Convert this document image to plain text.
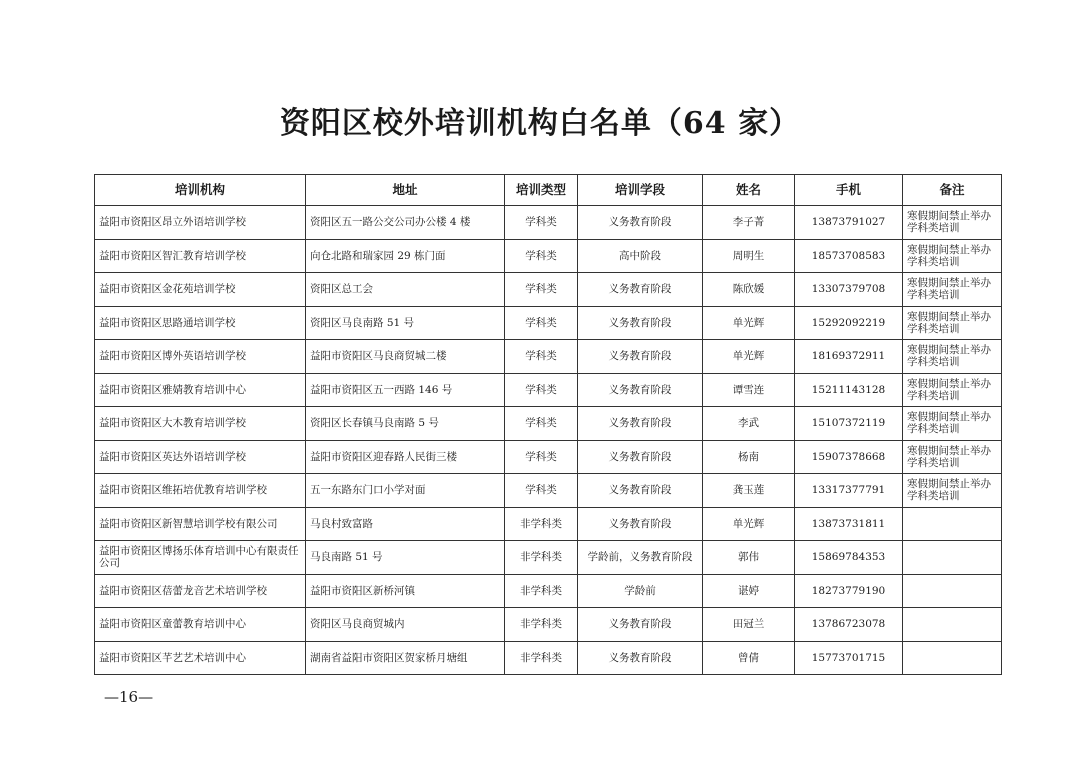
资阳区校外培训机构白名单（64 家）
培训机构	地址	培训类型	培训学段	姓名	手机	备注
益阳市资阳区昂立外语培训学校	资阳区五一路公交公司办公楼 4 楼	学科类	义务教育阶段	李子菁	13873791027	寒假期间禁止举办学科类培训
益阳市资阳区智汇教育培训学校	向仓北路和瑞家园 29 栋门面	学科类	高中阶段	周明生	18573708583	寒假期间禁止举办学科类培训
益阳市资阳区金花苑培训学校	资阳区总工会	学科类	义务教育阶段	陈欣媛	13307379708	寒假期间禁止举办学科类培训
益阳市资阳区思路通培训学校	资阳区马良南路 51 号	学科类	义务教育阶段	单光辉	15292092219	寒假期间禁止举办学科类培训
益阳市资阳区博外英语培训学校	益阳市资阳区马良商贸城二楼	学科类	义务教育阶段	单光辉	18169372911	寒假期间禁止举办学科类培训
益阳市资阳区雅婧教育培训中心	益阳市资阳区五一西路 146 号	学科类	义务教育阶段	谭雪连	15211143128	寒假期间禁止举办学科类培训
益阳市资阳区大木教育培训学校	资阳区长春镇马良南路 5 号	学科类	义务教育阶段	李武	15107372119	寒假期间禁止举办学科类培训
益阳市资阳区英达外语培训学校	益阳市资阳区迎春路人民街三楼	学科类	义务教育阶段	杨南	15907378668	寒假期间禁止举办学科类培训
益阳市资阳区维拓培优教育培训学校	五一东路东门口小学对面	学科类	义务教育阶段	龚玉莲	13317377791	寒假期间禁止举办学科类培训
益阳市资阳区新智慧培训学校有限公司	马良村致富路	非学科类	义务教育阶段	单光辉	13873731811	
益阳市资阳区博扬乐体育培训中心有限责任公司	马良南路 51 号	非学科类	学龄前，义务教育阶段	郭伟	15869784353	
益阳市资阳区蓓蕾龙音艺术培训学校	益阳市资阳区新桥河镇	非学科类	学龄前	谌婷	18273779190	
益阳市资阳区童蕾教育培训中心	资阳区马良商贸城内	非学科类	义务教育阶段	田冠兰	13786723078	
益阳市资阳区芊艺艺术培训中心	湖南省益阳市资阳区贺家桥月塘组	非学科类	义务教育阶段	曾倩	15773701715	
—16—
